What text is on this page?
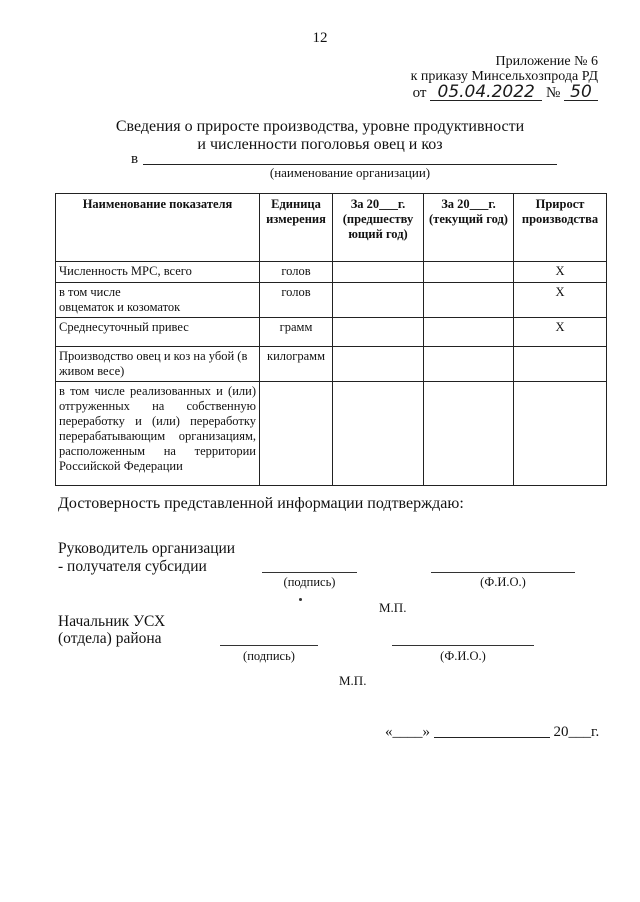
12
Приложение № 6
к приказу Минсельхозпрода РД
от 05.04.2022 № 50
Сведения о приросте производства, уровне продуктивности
и численности поголовья овец и коз
в
(наименование организации)
Наименование показателя	Единица измерения	За 20___г. (предшеству ющий год)	За 20___г. (текущий год)	Прирост производства
Численность МРС, всего	голов			Х
в том числе
овцематок и козоматок	голов			Х
Среднесуточный привес	грамм			Х
Производство овец и коз на убой (в живом весе)	килограмм			
в том числе реализованных и (или) отгруженных на собственную переработку и (или) переработку перерабатывающим организациям, расположенным на территории Российской Федерации				
Достоверность представленной информации подтверждаю:
Руководитель организации
- получателя субсидии
(подпись)	(Ф.И.О.)
М.П.
Начальник УСХ
(отдела) района
(подпись)	(Ф.И.О.)
М.П.
«____»	20___г.
